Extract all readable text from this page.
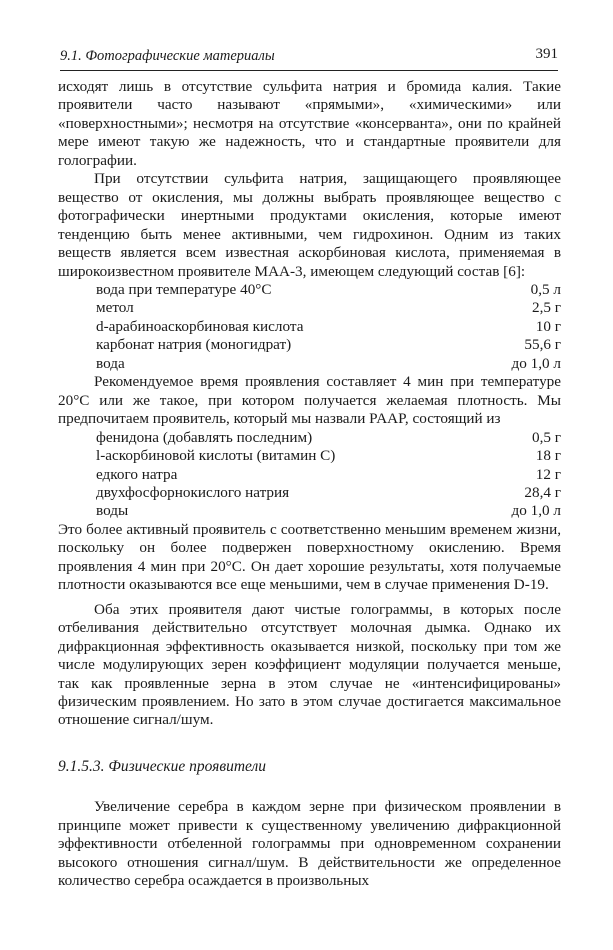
9.1. Фотографические материалы	391

исходят лишь в отсутствие сульфита натрия и бромида калия. Такие проявители часто называют «прямыми», «химическими» или «поверхностными»; несмотря на отсутствие «консерванта», они по крайней мере имеют такую же надежность, что и стандартные проявители для голографии.

При отсутствии сульфита натрия, защищающего проявляющее вещество от окисления, мы должны выбрать проявляющее вещество с фотографически инертными продуктами окисления, которые имеют тенденцию быть менее активными, чем гидрохинон. Одним из таких веществ является всем известная аскорбиновая кислота, применяемая в широкоизвестном проявителе МАА-3, имеющем следующий состав [6]:

вода при температуре 40°С	0,5 л
метол	2,5 г
d-арабиноаскорбиновая кислота	10 г
карбонат натрия (моногидрат)	55,6 г
вода	до 1,0 л

Рекомендуемое время проявления составляет 4 мин при температуре 20°С или же такое, при котором получается желаемая плотность. Мы предпочитаем проявитель, который мы назвали PAAP, состоящий из

фенидона (добавлять последним)	0,5 г
l-аскорбиновой кислоты (витамин С)	18 г
едкого натра	12 г
двухфосфорнокислого натрия	28,4 г
воды	до 1,0 л

Это более активный проявитель с соответственно меньшим временем жизни, поскольку он более подвержен поверхностному окислению. Время проявления 4 мин при 20°С. Он дает хорошие результаты, хотя получаемые плотности оказываются все еще меньшими, чем в случае применения D-19.

Оба этих проявителя дают чистые голограммы, в которых после отбеливания действительно отсутствует молочная дымка. Однако их дифракционная эффективность оказывается низкой, поскольку при том же числе модулирующих зерен коэффициент модуляции получается меньше, так как проявленные зерна в этом случае не «интенсифицированы» физическим проявлением. Но зато в этом случае достигается максимальное отношение сигнал/шум.

9.1.5.3. Физические проявители

Увеличение серебра в каждом зерне при физическом проявлении в принципе может привести к существенному увеличению дифракционной эффективности отбеленной голограммы при одновременном сохранении высокого отношения сигнал/шум. В действительности же определенное количество серебра осаждается в произвольных
